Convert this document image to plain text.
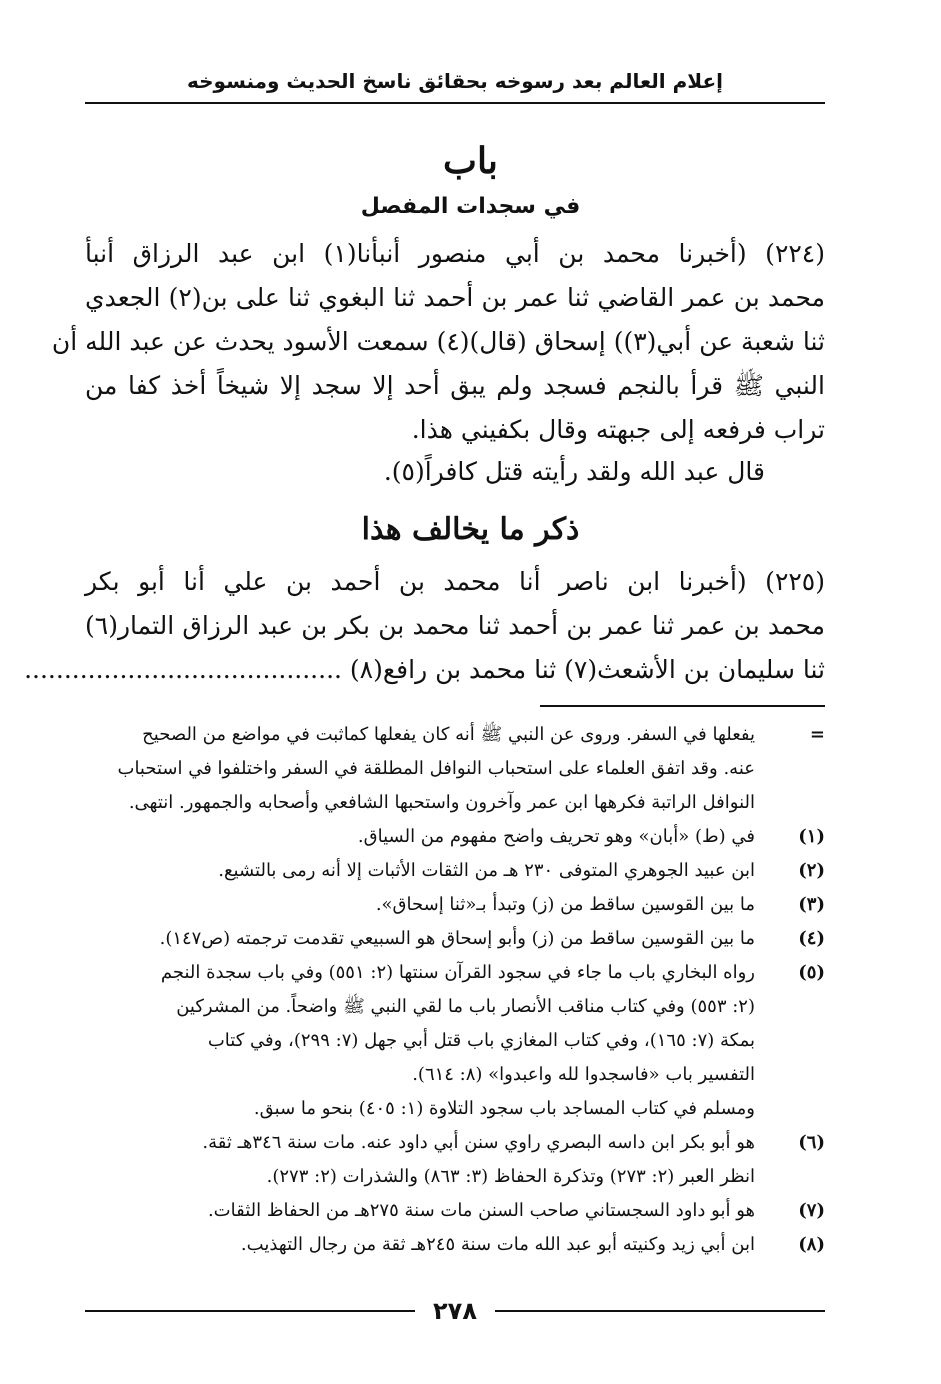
إعلام العالم بعد رسوخه بحقائق ناسخ الحديث ومنسوخه
باب
في سجدات المفصل
(٢٢٤) (أخبرنا محمد بن أبي منصور أنبأنا(١) ابن عبد الرزاق أنبأ
محمد بن عمر القاضي ثنا عمر بن أحمد ثنا البغوي ثنا على بن(٢) الجعدي
ثنا شعبة عن أبي(٣)) إسحاق (قال)(٤) سمعت الأسود يحدث عن عبد الله أن
النبي ﷺ قرأ بالنجم فسجد ولم يبق أحد إلا سجد إلا شيخاً أخذ كفا من
تراب فرفعه إلى جبهته وقال بكفيني هذا.
قال عبد الله ولقد رأيته قتل كافراً(٥).
ذكر ما يخالف هذا
(٢٢٥) (أخبرنا ابن ناصر أنا محمد بن أحمد بن علي أنا أبو بكر
محمد بن عمر ثنا عمر بن أحمد ثنا محمد بن بكر بن عبد الرزاق التمار(٦)
ثنا سليمان بن الأشعث(٧) ثنا محمد بن رافع(٨) ........................................
=
يفعلها في السفر. وروى عن النبي ﷺ أنه كان يفعلها كماثبت في مواضع من الصحيح
عنه. وقد اتفق العلماء على استحباب النوافل المطلقة في السفر واختلفوا في استحباب
النوافل الراتبة فكرهها ابن عمر وآخرون واستحبها الشافعي وأصحابه والجمهور. انتهى.
(١)
في (ط) «أبان» وهو تحريف واضح مفهوم من السياق.
(٢)
ابن عبيد الجوهري المتوفى ٢٣٠ هـ من الثقات الأثبات إلا أنه رمى بالتشيع.
(٣)
ما بين القوسين ساقط من (ز) وتبدأ بـ«ثنا إسحاق».
(٤)
ما بين القوسين ساقط من (ز) وأبو إسحاق هو السبيعي تقدمت ترجمته (ص١٤٧).
(٥)
رواه البخاري باب ما جاء في سجود القرآن سنتها (٢: ٥٥١) وفي باب سجدة النجم
(٢: ٥٥٣) وفي كتاب مناقب الأنصار باب ما لقي النبي ﷺ واضحاً. من المشركين
بمكة (٧: ١٦٥)، وفي كتاب المغازي باب قتل أبي جهل (٧: ٢٩٩)، وفي كتاب
التفسير باب «فاسجدوا لله واعبدوا» (٨: ٦١٤).
ومسلم في كتاب المساجد باب سجود التلاوة (١: ٤٠٥) بنحو ما سبق.
(٦)
هو أبو بكر ابن داسه البصري راوي سنن أبي داود عنه. مات سنة ٣٤٦هـ ثقة.
انظر العبر (٢: ٢٧٣) وتذكرة الحفاظ (٣: ٨٦٣) والشذرات (٢: ٢٧٣).
(٧)
هو أبو داود السجستاني صاحب السنن مات سنة ٢٧٥هـ من الحفاظ الثقات.
(٨)
ابن أبي زيد وكنيته أبو عبد الله مات سنة ٢٤٥هـ ثقة من رجال التهذيب.
٢٧٨
